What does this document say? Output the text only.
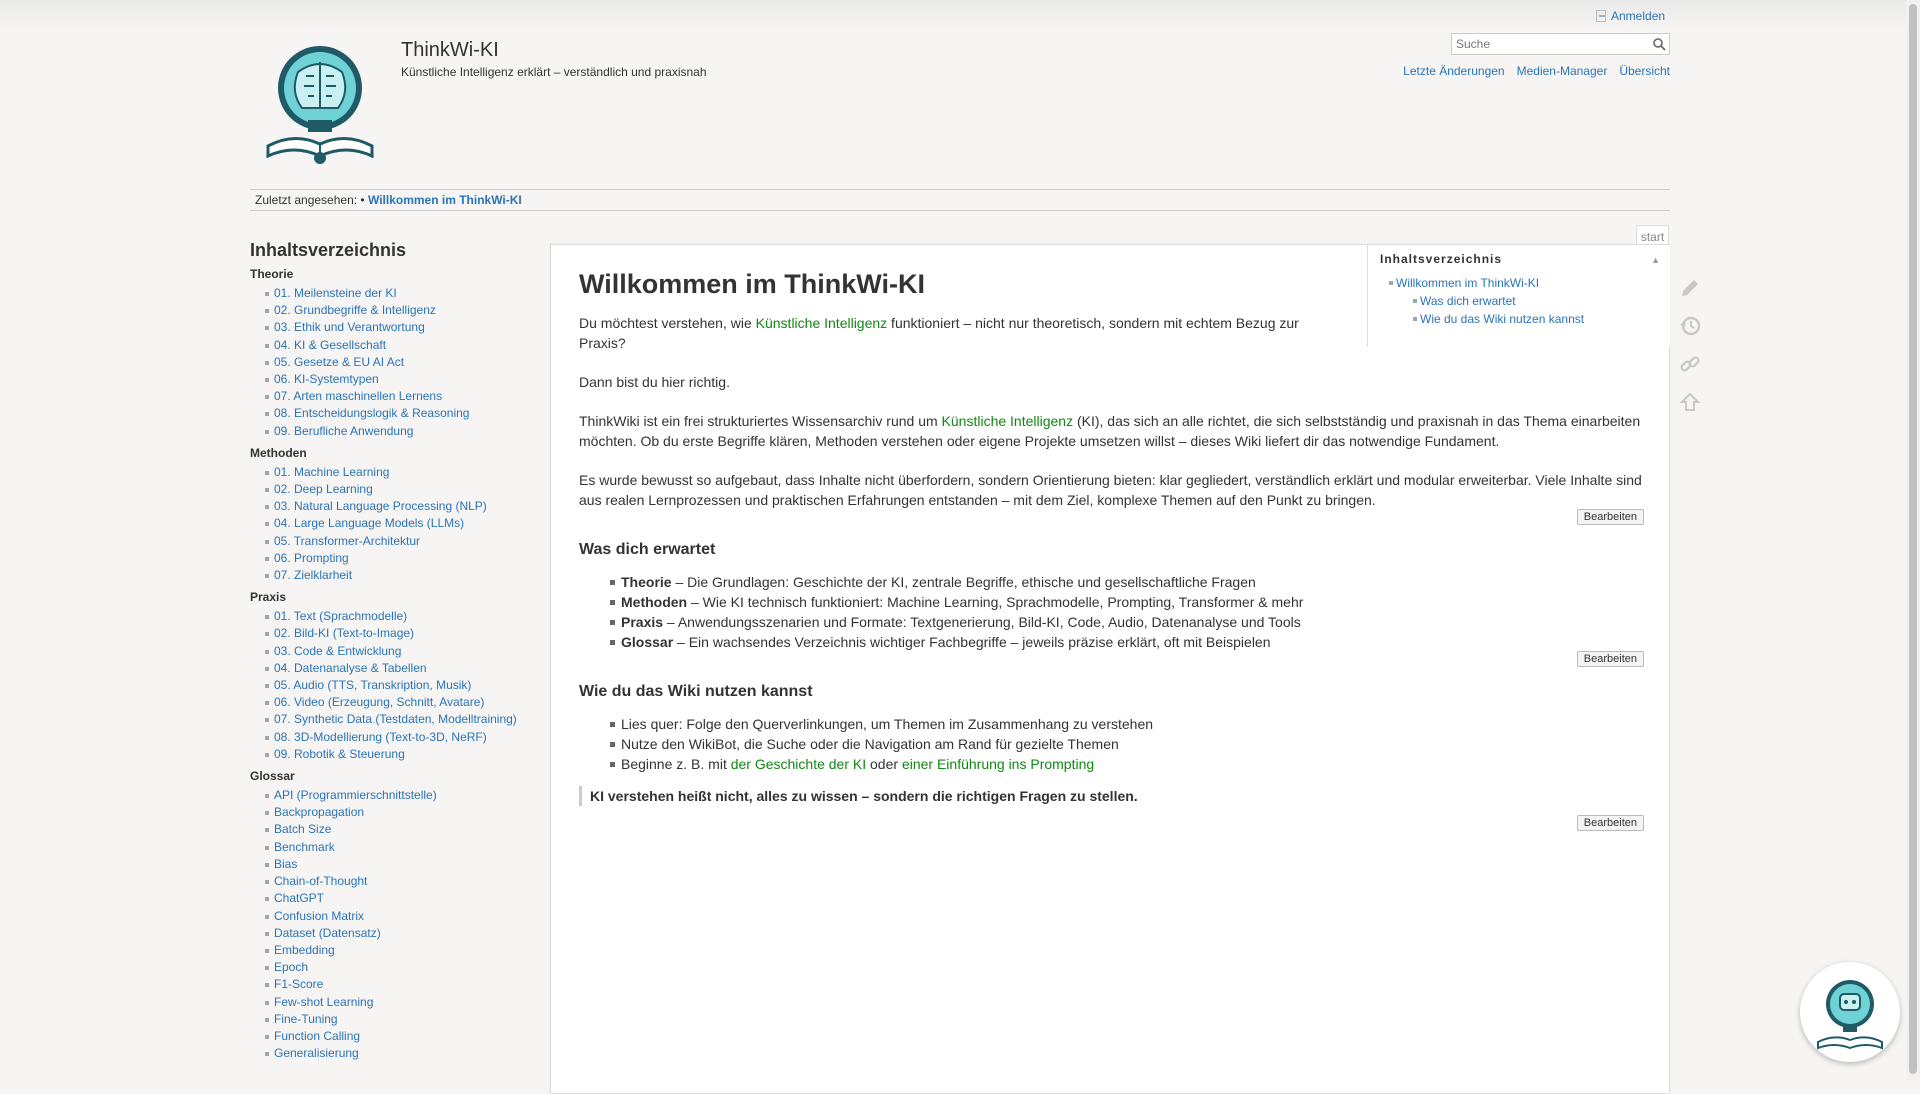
ThinkWi-KI
Künstliche Intelligenz erklärt – verständlich und praxisnah
Anmelden
Suche
Letzte Änderungen Medien-Manager Übersicht
Zuletzt angesehen: • Willkommen im ThinkWi-KI
Inhaltsverzeichnis
Theorie
01. Meilensteine der KI
02. Grundbegriffe & Intelligenz
03. Ethik und Verantwortung
04. KI & Gesellschaft
05. Gesetze & EU AI Act
06. KI-Systemtypen
07. Arten maschinellen Lernens
08. Entscheidungslogik & Reasoning
09. Berufliche Anwendung
Methoden
01. Machine Learning
02. Deep Learning
03. Natural Language Processing (NLP)
04. Large Language Models (LLMs)
05. Transformer-Architektur
06. Prompting
07. Zielklarheit
Praxis
01. Text (Sprachmodelle)
02. Bild-KI (Text-to-Image)
03. Code & Entwicklung
04. Datenanalyse & Tabellen
05. Audio (TTS, Transkription, Musik)
06. Video (Erzeugung, Schnitt, Avatare)
07. Synthetic Data (Testdaten, Modelltraining)
08. 3D-Modellierung (Text-to-3D, NeRF)
09. Robotik & Steuerung
Glossar
API (Programmierschnittstelle)
Backpropagation
Batch Size
Benchmark
Bias
Chain-of-Thought
ChatGPT
Confusion Matrix
Dataset (Datensatz)
Embedding
Epoch
F1-Score
Few-shot Learning
Fine-Tuning
Function Calling
Generalisierung
start
Willkommen im ThinkWi-KI

Du möchtest verstehen, wie Künstliche Intelligenz funktioniert – nicht nur theoretisch, sondern mit echtem Bezug zur Praxis?

Dann bist du hier richtig.

ThinkWiki ist ein frei strukturiertes Wissensarchiv rund um Künstliche Intelligenz (KI), das sich an alle richtet, die sich selbstständig und praxisnah in das Thema einarbeiten möchten. Ob du erste Begriffe klären, Methoden verstehen oder eigene Projekte umsetzen willst – dieses Wiki liefert dir das notwendige Fundament.

Es wurde bewusst so aufgebaut, dass Inhalte nicht überfordern, sondern Orientierung bieten: klar gegliedert, verständlich erklärt und modular erweiterbar. Viele Inhalte sind aus realen Lernprozessen und praktischen Erfahrungen entstanden – mit dem Ziel, komplexe Themen auf den Punkt zu bringen.

Bearbeiten
Was dich erwartet
Theorie – Die Grundlagen: Geschichte der KI, zentrale Begriffe, ethische und gesellschaftliche Fragen
Methoden – Wie KI technisch funktioniert: Machine Learning, Sprachmodelle, Prompting, Transformer & mehr
Praxis – Anwendungsszenarien und Formate: Textgenerierung, Bild-KI, Code, Audio, Datenanalyse und Tools
Glossar – Ein wachsendes Verzeichnis wichtiger Fachbegriffe – jeweils präzise erklärt, oft mit Beispielen
Bearbeiten
Wie du das Wiki nutzen kannst
Lies quer: Folge den Querverlinkungen, um Themen im Zusammenhang zu verstehen
Nutze den WikiBot, die Suche oder die Navigation am Rand für gezielte Themen
Beginne z. B. mit der Geschichte der KI oder einer Einführung ins Prompting
KI verstehen heißt nicht, alles zu wissen – sondern die richtigen Fragen zu stellen.
Bearbeiten
Inhaltsverzeichnis	▲
Willkommen im ThinkWi-KI
Was dich erwartet
Wie du das Wiki nutzen kannst
